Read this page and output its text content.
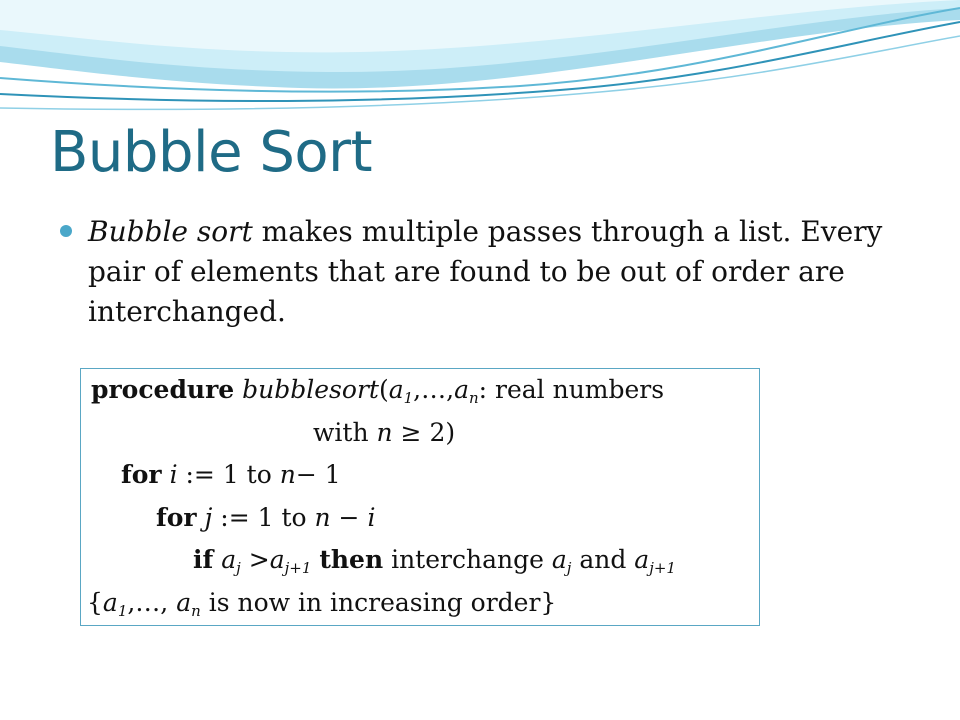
Bubble Sort

Bubble sort makes multiple passes through a list. Every pair of elements that are found to be out of order are interchanged.

procedure $bubblesort(a_1,\dots,a_n$: real numbers
with n ≥ 2)
for i := 1 to n− 1
for j := 1 to n − i
if $a_j >a_{j+1}$ then interchange $a_j$ and $a_{j+1}$
{$a_1,\dots$, $a_n$ is now in increasing order}
